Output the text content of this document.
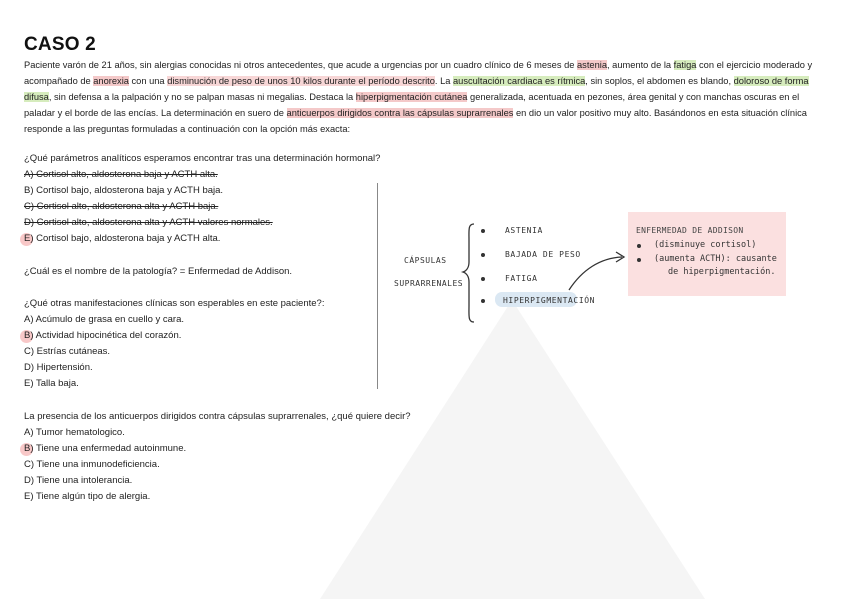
CASO 2
Paciente varón de 21 años, sin alergias conocidas ni otros antecedentes, que acude a urgencias por un cuadro clínico de 6 meses de astenia, aumento de la fatiga con el ejercicio moderado y acompañado de anorexia con una disminución de peso de unos 10 kilos durante el período descrito. La auscultación cardiaca es rítmica, sin soplos, el abdomen es blando, doloroso de forma difusa, sin defensa a la palpación y no se palpan masas ni megalias. Destaca la hiperpigmentación cutánea generalizada, acentuada en pezones, área genital y con manchas oscuras en el paladar y el borde de las encías. La determinación en suero de anticuerpos dirigidos contra las cápsulas suprarrenales en dio un valor positivo muy alto. Basándonos en esta situación clínica responde a las preguntas formuladas a continuación con la opción más exacta:
¿Qué parámetros analíticos esperamos encontrar tras una determinación hormonal?
A) Cortisol alto, aldosterona baja y ACTH alta.
B) Cortisol bajo, aldosterona baja y ACTH baja.
C) Cortisol alto, aldosterona alta y ACTH baja.
D) Cortisol alto, aldosterona alta y ACTH valores normales.
E) Cortisol bajo, aldosterona baja y ACTH alta.
¿Cuál es el nombre de la patología? = Enfermedad de Addison.
¿Qué otras manifestaciones clínicas son esperables en este paciente?:
A) Acúmulo de grasa en cuello y cara.
B) Actividad hipocinética del corazón.
C) Estrías cutáneas.
D) Hipertensión.
E) Talla baja.
La presencia de los anticuerpos dirigidos contra cápsulas suprarrenales, ¿qué quiere decir?
A) Tumor hematologico.
B) Tiene una enfermedad autoinmune.
C) Tiene una inmunodeficiencia.
D) Tiene una intolerancia.
E) Tiene algún tipo de alergia.
CÁPSULAS
SUPRARRENALES
ASTENIA
BAJADA DE PESO
FATIGA
HIPERPIGMENTACIÓN
ENFERMEDAD DE ADDISON
(disminuye cortisol)
(aumenta ACTH): causante
de hiperpigmentación.
